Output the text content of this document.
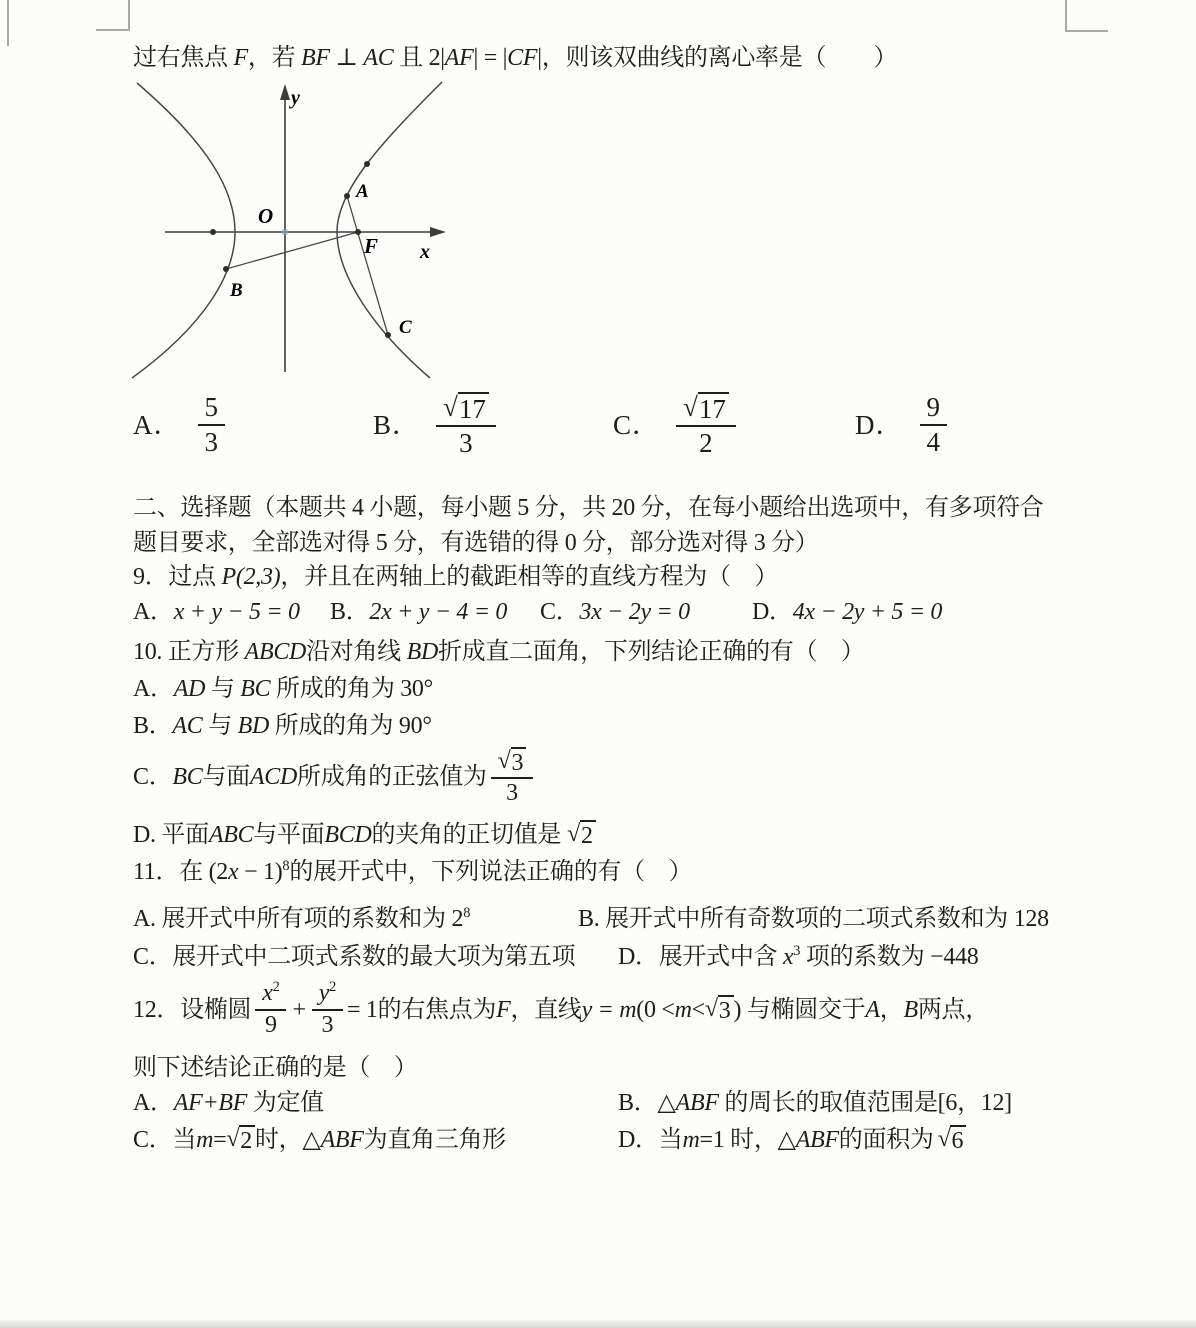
过右焦点 F，若 BF ⊥ AC 且 2|AF| = |CF|，则该双曲线的离心率是（　　）
y
x
O
A
B
C
F
A． $\frac{5}{3}$	B． $\frac{√ 17}{3}$	C． $\frac{√ 17}{2}$	D． $\frac{9}{4}$
二、选择题（本题共 4 小题，每小题 5 分，共 20 分，在每小题给出选项中，有多项符合
题目要求，全部选对得 5 分，有选错的得 0 分，部分选对得 3 分）
9．过点 P(2,3)，并且在两轴上的截距相等的直线方程为（　）
A．x + y − 5 = 0 B．2x + y − 4 = 0 C．3x − 2y = 0	D．4x − 2y + 5 = 0
10. 正方形 ABCD沿对角线 BD折成直二面角，下列结论正确的有（　）
A．AD 与 BC 所成的角为 30°
B．AC 与 BD 所成的角为 90°
C． BC 与面 ACD 所成角的正弦值为 $\frac{√ 3}{3}$
D. 平面 ABC 与平面 BCD 的夹角的正切值是 √ 2
11．在 $(2x - 1)^8$的展开式中，下列说法正确的有（　）
A. 展开式中所有项的系数和为 $2^8$	B. 展开式中所有奇数项的二项式系数和为 128
C．展开式中二项式系数的最大项为第五项 D．展开式中含 $x^3$ 项的系数为 −448
12．设椭圆 $\frac{x^2}{9} + \frac{y^2}{3} = 1$的右焦点为 F ，直线 y = m (0 < m < √ 3 ) 与椭圆交于 A ， B 两点，
则下述结论正确的是（　）
A．AF+BF 为定值	B．△ABF 的周长的取值范围是[6，12]
C．当 m = √ 2 时， △ ABF 为直角三角形	D．当 m =1 时， △ ABF 的面积为 √ 6
